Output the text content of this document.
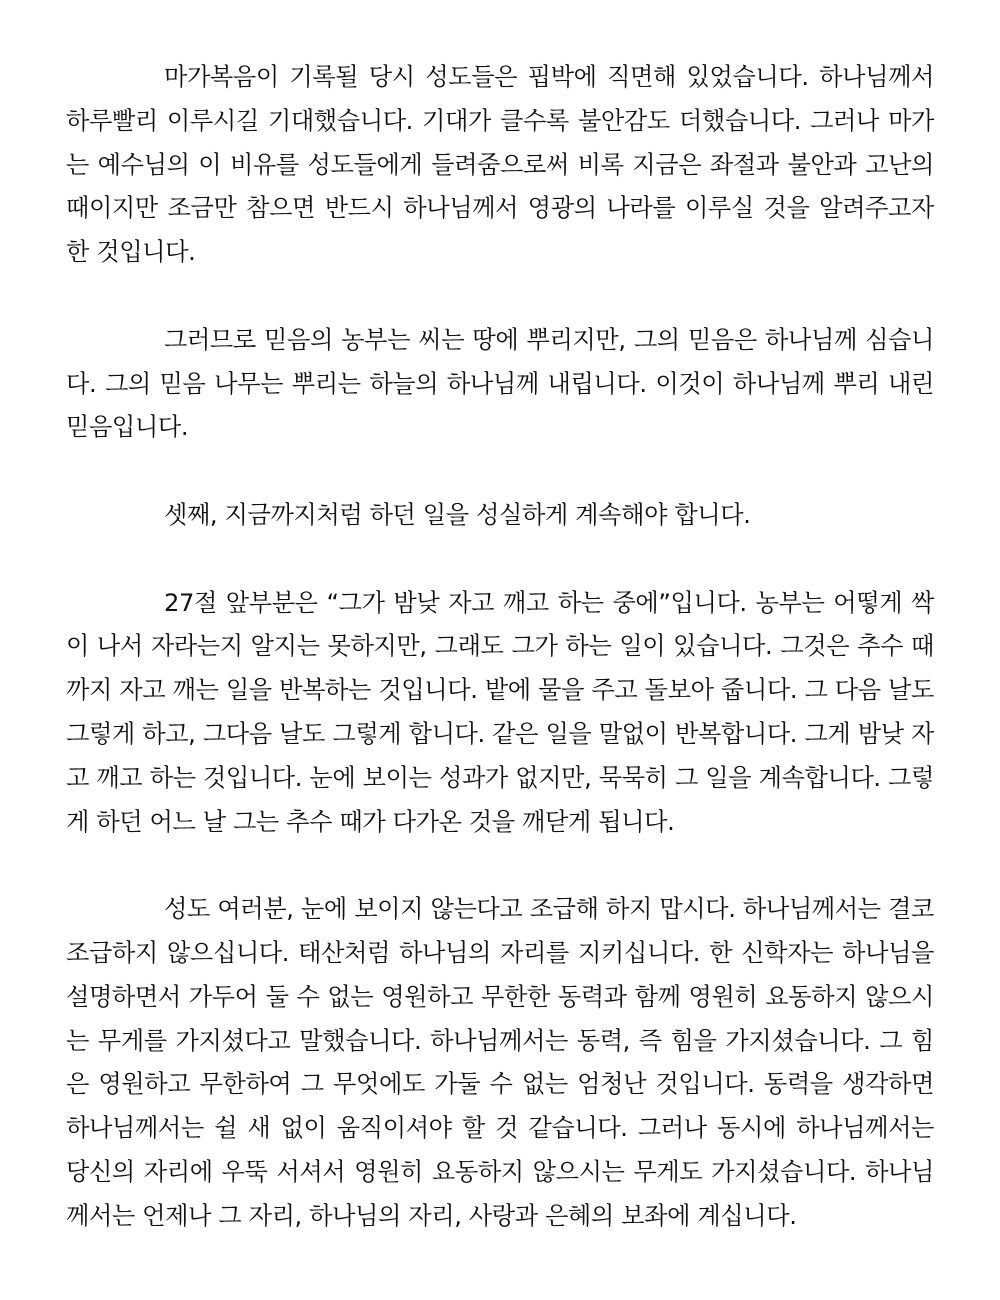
마가복음이 기록될 당시 성도들은 핍박에 직면해 있었습니다. 하나님께서 하루빨리 이루시길 기대했습니다. 기대가 클수록 불안감도 더했습니다. 그러나 마가는 예수님의 이 비유를 성도들에게 들려줌으로써 비록 지금은 좌절과 불안과 고난의 때이지만 조금만 참으면 반드시 하나님께서 영광의 나라를 이루실 것을 알려주고자 한 것입니다.

그러므로 믿음의 농부는 씨는 땅에 뿌리지만, 그의 믿음은 하나님께 심습니다. 그의 믿음 나무는 뿌리는 하늘의 하나님께 내립니다. 이것이 하나님께 뿌리 내린 믿음입니다.

셋째, 지금까지처럼 하던 일을 성실하게 계속해야 합니다.

27절 앞부분은 “그가 밤낮 자고 깨고 하는 중에”입니다. 농부는 어떻게 싹이 나서 자라는지 알지는 못하지만, 그래도 그가 하는 일이 있습니다. 그것은 추수 때까지 자고 깨는 일을 반복하는 것입니다. 밭에 물을 주고 돌보아 줍니다. 그 다음 날도 그렇게 하고, 그다음 날도 그렇게 합니다. 같은 일을 말없이 반복합니다. 그게 밤낮 자고 깨고 하는 것입니다. 눈에 보이는 성과가 없지만, 묵묵히 그 일을 계속합니다. 그렇게 하던 어느 날 그는 추수 때가 다가온 것을 깨닫게 됩니다.

성도 여러분, 눈에 보이지 않는다고 조급해 하지 맙시다. 하나님께서는 결코 조급하지 않으십니다. 태산처럼 하나님의 자리를 지키십니다. 한 신학자는 하나님을 설명하면서 가두어 둘 수 없는 영원하고 무한한 동력과 함께 영원히 요동하지 않으시는 무게를 가지셨다고 말했습니다. 하나님께서는 동력, 즉 힘을 가지셨습니다. 그 힘은 영원하고 무한하여 그 무엇에도 가둘 수 없는 엄청난 것입니다. 동력을 생각하면 하나님께서는 쉴 새 없이 움직이셔야 할 것 같습니다. 그러나 동시에 하나님께서는 당신의 자리에 우뚝 서셔서 영원히 요동하지 않으시는 무게도 가지셨습니다. 하나님께서는 언제나 그 자리, 하나님의 자리, 사랑과 은혜의 보좌에 계십니다.
